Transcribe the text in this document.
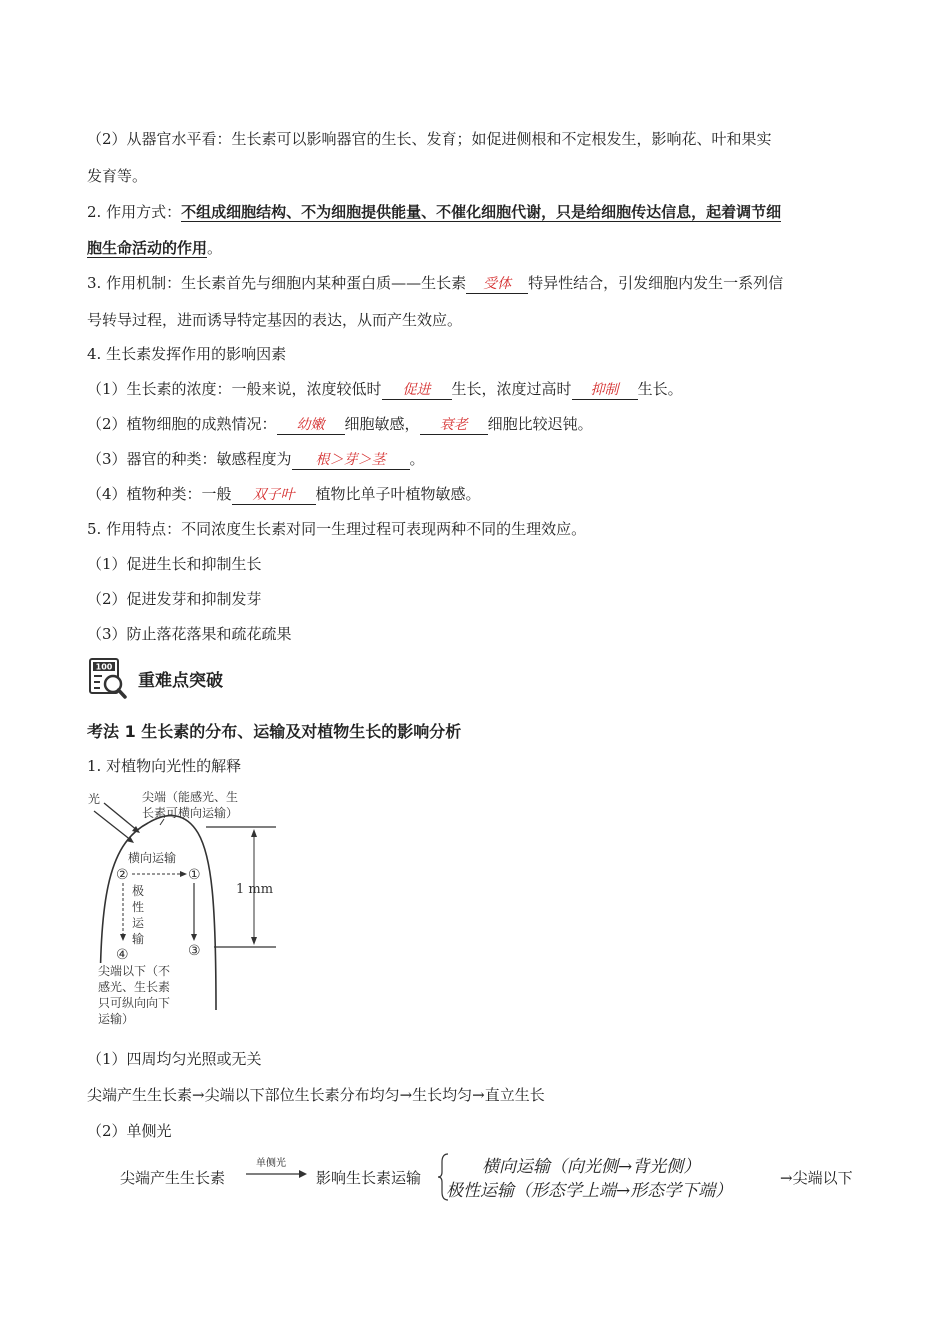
（2）从器官水平看：生长素可以影响器官的生长、发育；如促进侧根和不定根发生，影响花、叶和果实
发育等。
2. 作用方式：不组成细胞结构、不为细胞提供能量、不催化细胞代谢，只是给细胞传达信息，起着调节细
胞生命活动的作用。
3. 作用机制：生长素首先与细胞内某种蛋白质——生长素 受体 特异性结合，引发细胞内发生一系列信
号转导过程，进而诱导特定基因的表达，从而产生效应。
4. 生长素发挥作用的影响因素
（1）生长素的浓度：一般来说，浓度较低时 促进 生长，浓度过高时 抑制 生长。
（2）植物细胞的成熟情况： 幼嫩 细胞敏感， 衰老 细胞比较迟钝。
（3）器官的种类：敏感程度为 根＞芽＞茎 。
（4）植物种类：一般 双子叶 植物比单子叶植物敏感。
5. 作用特点：不同浓度生长素对同一生理过程可表现两种不同的生理效应。
（1）促进生长和抑制生长
（2）促进发芽和抑制发芽
（3）防止落花落果和疏花疏果
100
重难点突破
考法 1 生长素的分布、运输及对植物生长的影响分析
1. 对植物向光性的解释
1 mm
光	尖端（能感光、生
长素可横向运输）
横向运输
②	①
极
性
运
输
④	③
尖端以下（不
感光、生长素
只可纵向向下
运输）
（1）四周均匀光照或无关
尖端产生生长素→尖端以下部位生长素分布均匀→生长均匀→直立生长
（2）单侧光
尖端产生生长素
单侧光
影响生长素运输
横向运输（向光侧→背光侧）
极性运输（形态学上端→形态学下端）
→尖端以下
